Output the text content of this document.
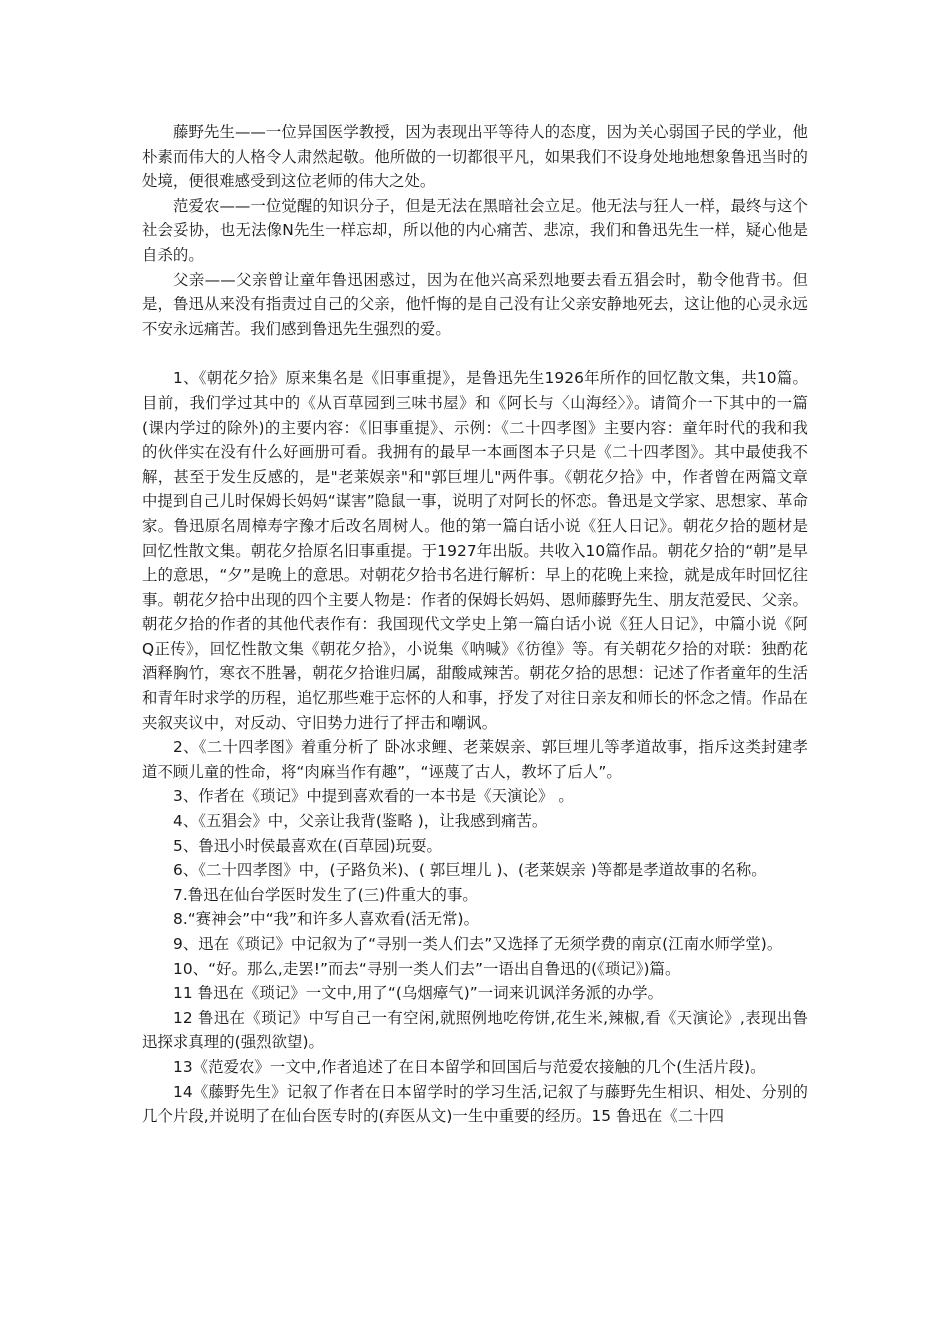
藤野先生——一位异国医学教授，因为表现出平等待人的态度，因为关心弱国子民的学业，他朴素而伟大的人格令人肃然起敬。他所做的一切都很平凡，如果我们不设身处地地想象鲁迅当时的处境，便很难感受到这位老师的伟大之处。

范爱农——一位觉醒的知识分子，但是无法在黑暗社会立足。他无法与狂人一样，最终与这个社会妥协，也无法像N先生一样忘却，所以他的内心痛苦、悲凉，我们和鲁迅先生一样，疑心他是自杀的。

父亲——父亲曾让童年鲁迅困惑过，因为在他兴高采烈地要去看五猖会时，勒令他背书。但是，鲁迅从来没有指责过自己的父亲，他忏悔的是自己没有让父亲安静地死去，这让他的心灵永远不安永远痛苦。我们感到鲁迅先生强烈的爱。

1、《朝花夕拾》原来集名是《旧事重提》，是鲁迅先生1926年所作的回忆散文集，共10篇。目前，我们学过其中的《从百草园到三味书屋》和《阿长与〈山海经〉》。请简介一下其中的一篇(课内学过的除外)的主要内容：《旧事重提》、示例：《二十四孝图》主要内容：童年时代的我和我的伙伴实在没有什么好画册可看。我拥有的最早一本画图本子只是《二十四孝图》。其中最使我不解，甚至于发生反感的，是"老莱娱亲"和"郭巨埋儿"两件事。《朝花夕拾》中，作者曾在两篇文章中提到自己儿时保姆长妈妈“谋害”隐鼠一事，说明了对阿长的怀恋。鲁迅是文学家、思想家、革命家。鲁迅原名周樟寿字豫才后改名周树人。他的第一篇白话小说《狂人日记》。朝花夕拾的题材是回忆性散文集。朝花夕拾原名旧事重提。于1927年出版。共收入10篇作品。朝花夕拾的“朝”是早上的意思，“夕”是晚上的意思。对朝花夕拾书名进行解析：早上的花晚上来捡，就是成年时回忆往事。朝花夕拾中出现的四个主要人物是：作者的保姆长妈妈、恩师藤野先生、朋友范爱民、父亲。朝花夕拾的作者的其他代表作有：我国现代文学史上第一篇白话小说《狂人日记》，中篇小说《阿Q正传》，回忆性散文集《朝花夕拾》，小说集《呐喊》《彷徨》等。有关朝花夕拾的对联：独酌花酒释胸竹，寒衣不胜暑，朝花夕拾谁归属，甜酸咸辣苦。朝花夕拾的思想：记述了作者童年的生活和青年时求学的历程，追忆那些难于忘怀的人和事，抒发了对往日亲友和师长的怀念之情。作品在夹叙夹议中，对反动、守旧势力进行了抨击和嘲讽。

2、《二十四孝图》着重分析了 卧冰求鲤、老莱娱亲、郭巨埋儿等孝道故事，指斥这类封建孝道不顾儿童的性命，将“肉麻当作有趣”，“诬蔑了古人，教坏了后人”。

3、作者在《琐记》中提到喜欢看的一本书是《天演论》 。

4、《五猖会》中，父亲让我背(鉴略 )，让我感到痛苦。

5、鲁迅小时侯最喜欢在(百草园)玩耍。

6、《二十四孝图》中，(子路负米)、( 郭巨埋儿 )、(老莱娱亲 )等都是孝道故事的名称。

7.鲁迅在仙台学医时发生了(三)件重大的事。

8.“赛神会”中“我”和许多人喜欢看(活无常)。

9、迅在《琐记》中记叙为了“寻别一类人们去”又选择了无须学费的南京(江南水师学堂)。

10、“好。那么,走罢!”而去“寻别一类人们去”一语出自鲁迅的(《琐记》)篇。

11 鲁迅在《琐记》一文中,用了“(乌烟瘴气)”一词来讥讽洋务派的办学。

12 鲁迅在《琐记》中写自己一有空闲,就照例地吃侉饼,花生米,辣椒,看《天演论》,表现出鲁迅探求真理的(强烈欲望)。

13《范爱农》一文中,作者追述了在日本留学和回国后与范爱农接触的几个(生活片段)。

14《藤野先生》记叙了作者在日本留学时的学习生活,记叙了与藤野先生相识、相处、分别的几个片段,并说明了在仙台医专时的(弃医从文)一生中重要的经历。15 鲁迅在《二十四
